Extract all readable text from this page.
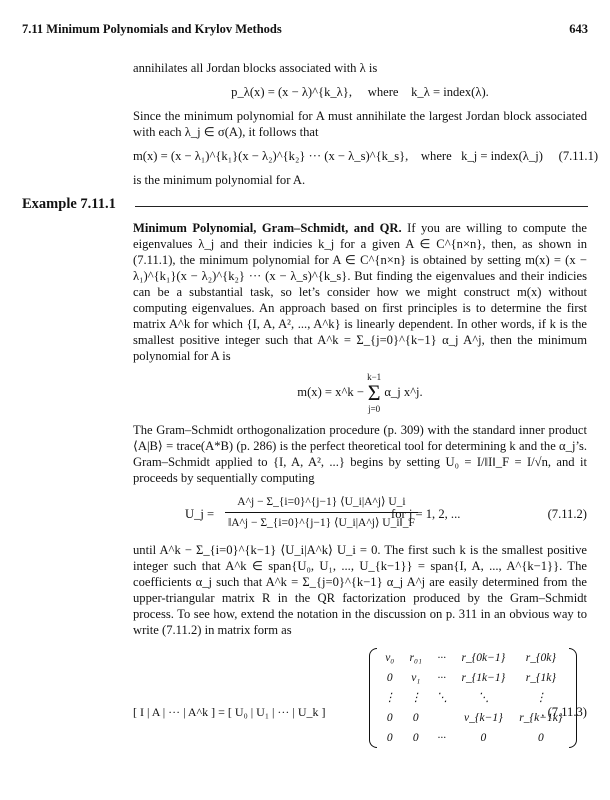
7.11 Minimum Polynomials and Krylov Methods	643
annihilates all Jordan blocks associated with λ is
p_λ(x) = (x − λ)^{k_λ}, where k_λ = index(λ).
Since the minimum polynomial for A must annihilate the largest Jordan block associated with each λ_j ∈ σ(A), it follows that
m(x) = (x − λ₁)^{k₁}(x − λ₂)^{k₂} ··· (x − λ_s)^{k_s}, where k_j = index(λ_j) (7.11.1)
is the minimum polynomial for A.
Example 7.11.1
Minimum Polynomial, Gram–Schmidt, and QR. If you are willing to compute the eigenvalues λ_j and their indicies k_j for a given A ∈ C^{n×n}, then, as shown in (7.11.1), the minimum polynomial for A ∈ C^{n×n} is obtained by setting m(x) = (x − λ₁)^{k₁}(x − λ₂)^{k₂} ··· (x − λ_s)^{k_s}. But finding the eigenvalues and their indicies can be a substantial task, so let’s consider how we might construct m(x) without computing eigenvalues. An approach based on first principles is to determine the first matrix A^k for which {I, A, A², ..., A^k} is linearly dependent. In other words, if k is the smallest positive integer such that A^k = Σ_{j=0}^{k−1} α_j A^j, then the minimum polynomial for A is
m(x) = x^k −
k−1
Σ
j=0
α_j x^j.
The Gram–Schmidt orthogonalization procedure (p. 309) with the standard inner product ⟨A|B⟩ = trace(A*B) (p. 286) is the perfect theoretical tool for determining k and the α_j’s. Gram–Schmidt applied to {I, A, A², ...} begins by setting U₀ = I/‖I‖_F = I/√n, and it proceeds by sequentially computing
U_j = $\frac{A\^{}j - \Sigma\_\{i=0\}\^{}\{j-1\} ⟨U\_i|A\^{}j⟩ U\_i}{‖A\^{}j - \Sigma\_\{i=0\}\^{}\{j-1\} ⟨U\_i|A\^{}j⟩ U\_i‖\_F}$
for j = 1, 2, ...	(7.11.2)
until A^k − Σ_{i=0}^{k−1} ⟨U_i|A^k⟩ U_i = 0. The first such k is the smallest positive integer such that A^k ∈ span{U₀, U₁, ..., U_{k−1}} = span{I, A, ..., A^{k−1}}. The coefficients α_j such that A^k = Σ_{j=0}^{k−1} α_j A^j are easily determined from the upper-triangular matrix R in the QR factorization produced by the Gram–Schmidt process. To see how, extend the notation in the discussion on p. 311 in an obvious way to write (7.11.2) in matrix form as
[ I | A | ··· | A^k ] = [ U₀ | U₁ | ··· | U_k ]
ν₀	r₀₁	···	r_{0k−1}	r_{0k}
0	ν₁	···	r_{1k−1}	r_{1k}
⋮	⋮	⋱	⋱	⋮
0	0		ν_{k−1}	r_{k−1k}
0	0	···	0	0
, (7.11.3)
